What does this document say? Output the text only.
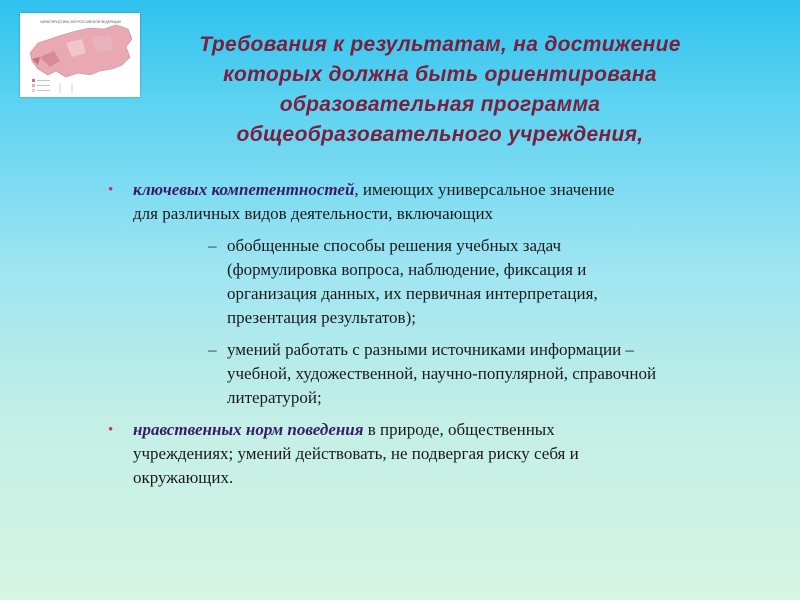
ХАРАКТЕРИСТИКА ЗОН РОССИЙСКОЙ ФЕДЕРАЦИИ
Требования к результатам, на достижение
которых должна быть ориентирована
образовательная программа
общеобразовательного учреждения,
• ключевых компетентностей, имеющих универсальное значение
для различных видов деятельности, включающих
– обобщенные способы решения учебных задач
(формулировка вопроса, наблюдение, фиксация и
организация данных, их первичная интерпретация,
презентация результатов);
– умений работать с разными источниками информации –
учебной, художественной, научно-популярной, справочной
литературой;
• нравственных норм поведения в природе, общественных
учреждениях; умений действовать, не подвергая риску себя и
окружающих.
